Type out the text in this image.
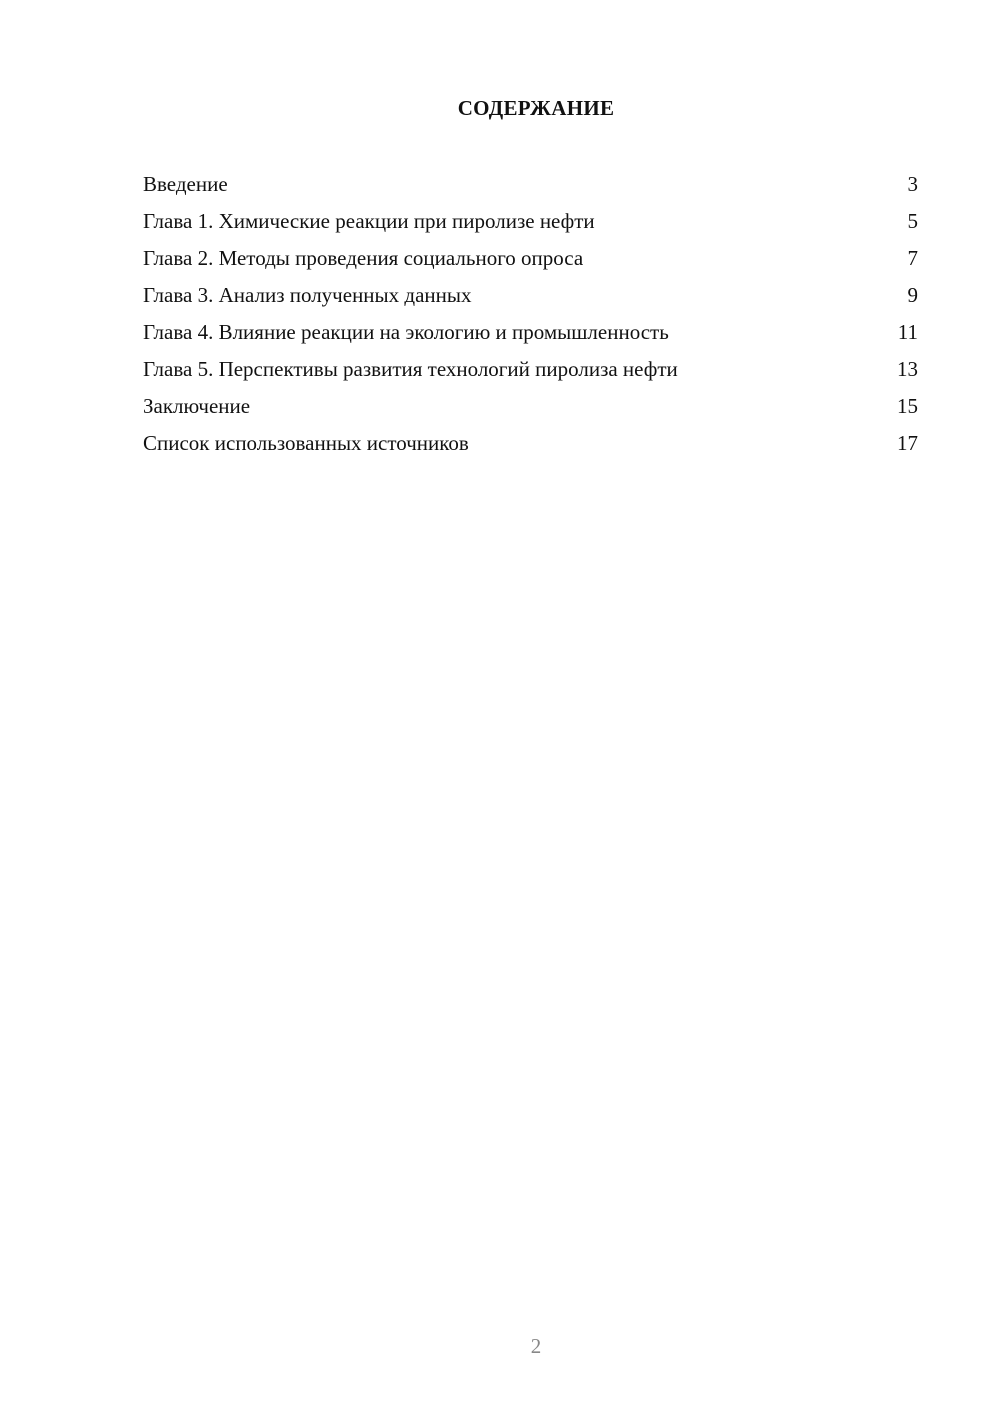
СОДЕРЖАНИЕ
Введение	3
Глава 1. Химические реакции при пиролизе нефти	5
Глава 2. Методы проведения социального опроса	7
Глава 3. Анализ полученных данных	9
Глава 4. Влияние реакции на экологию и промышленность	11
Глава 5. Перспективы развития технологий пиролиза нефти	13
Заключение	15
Список использованных источников	17
2
